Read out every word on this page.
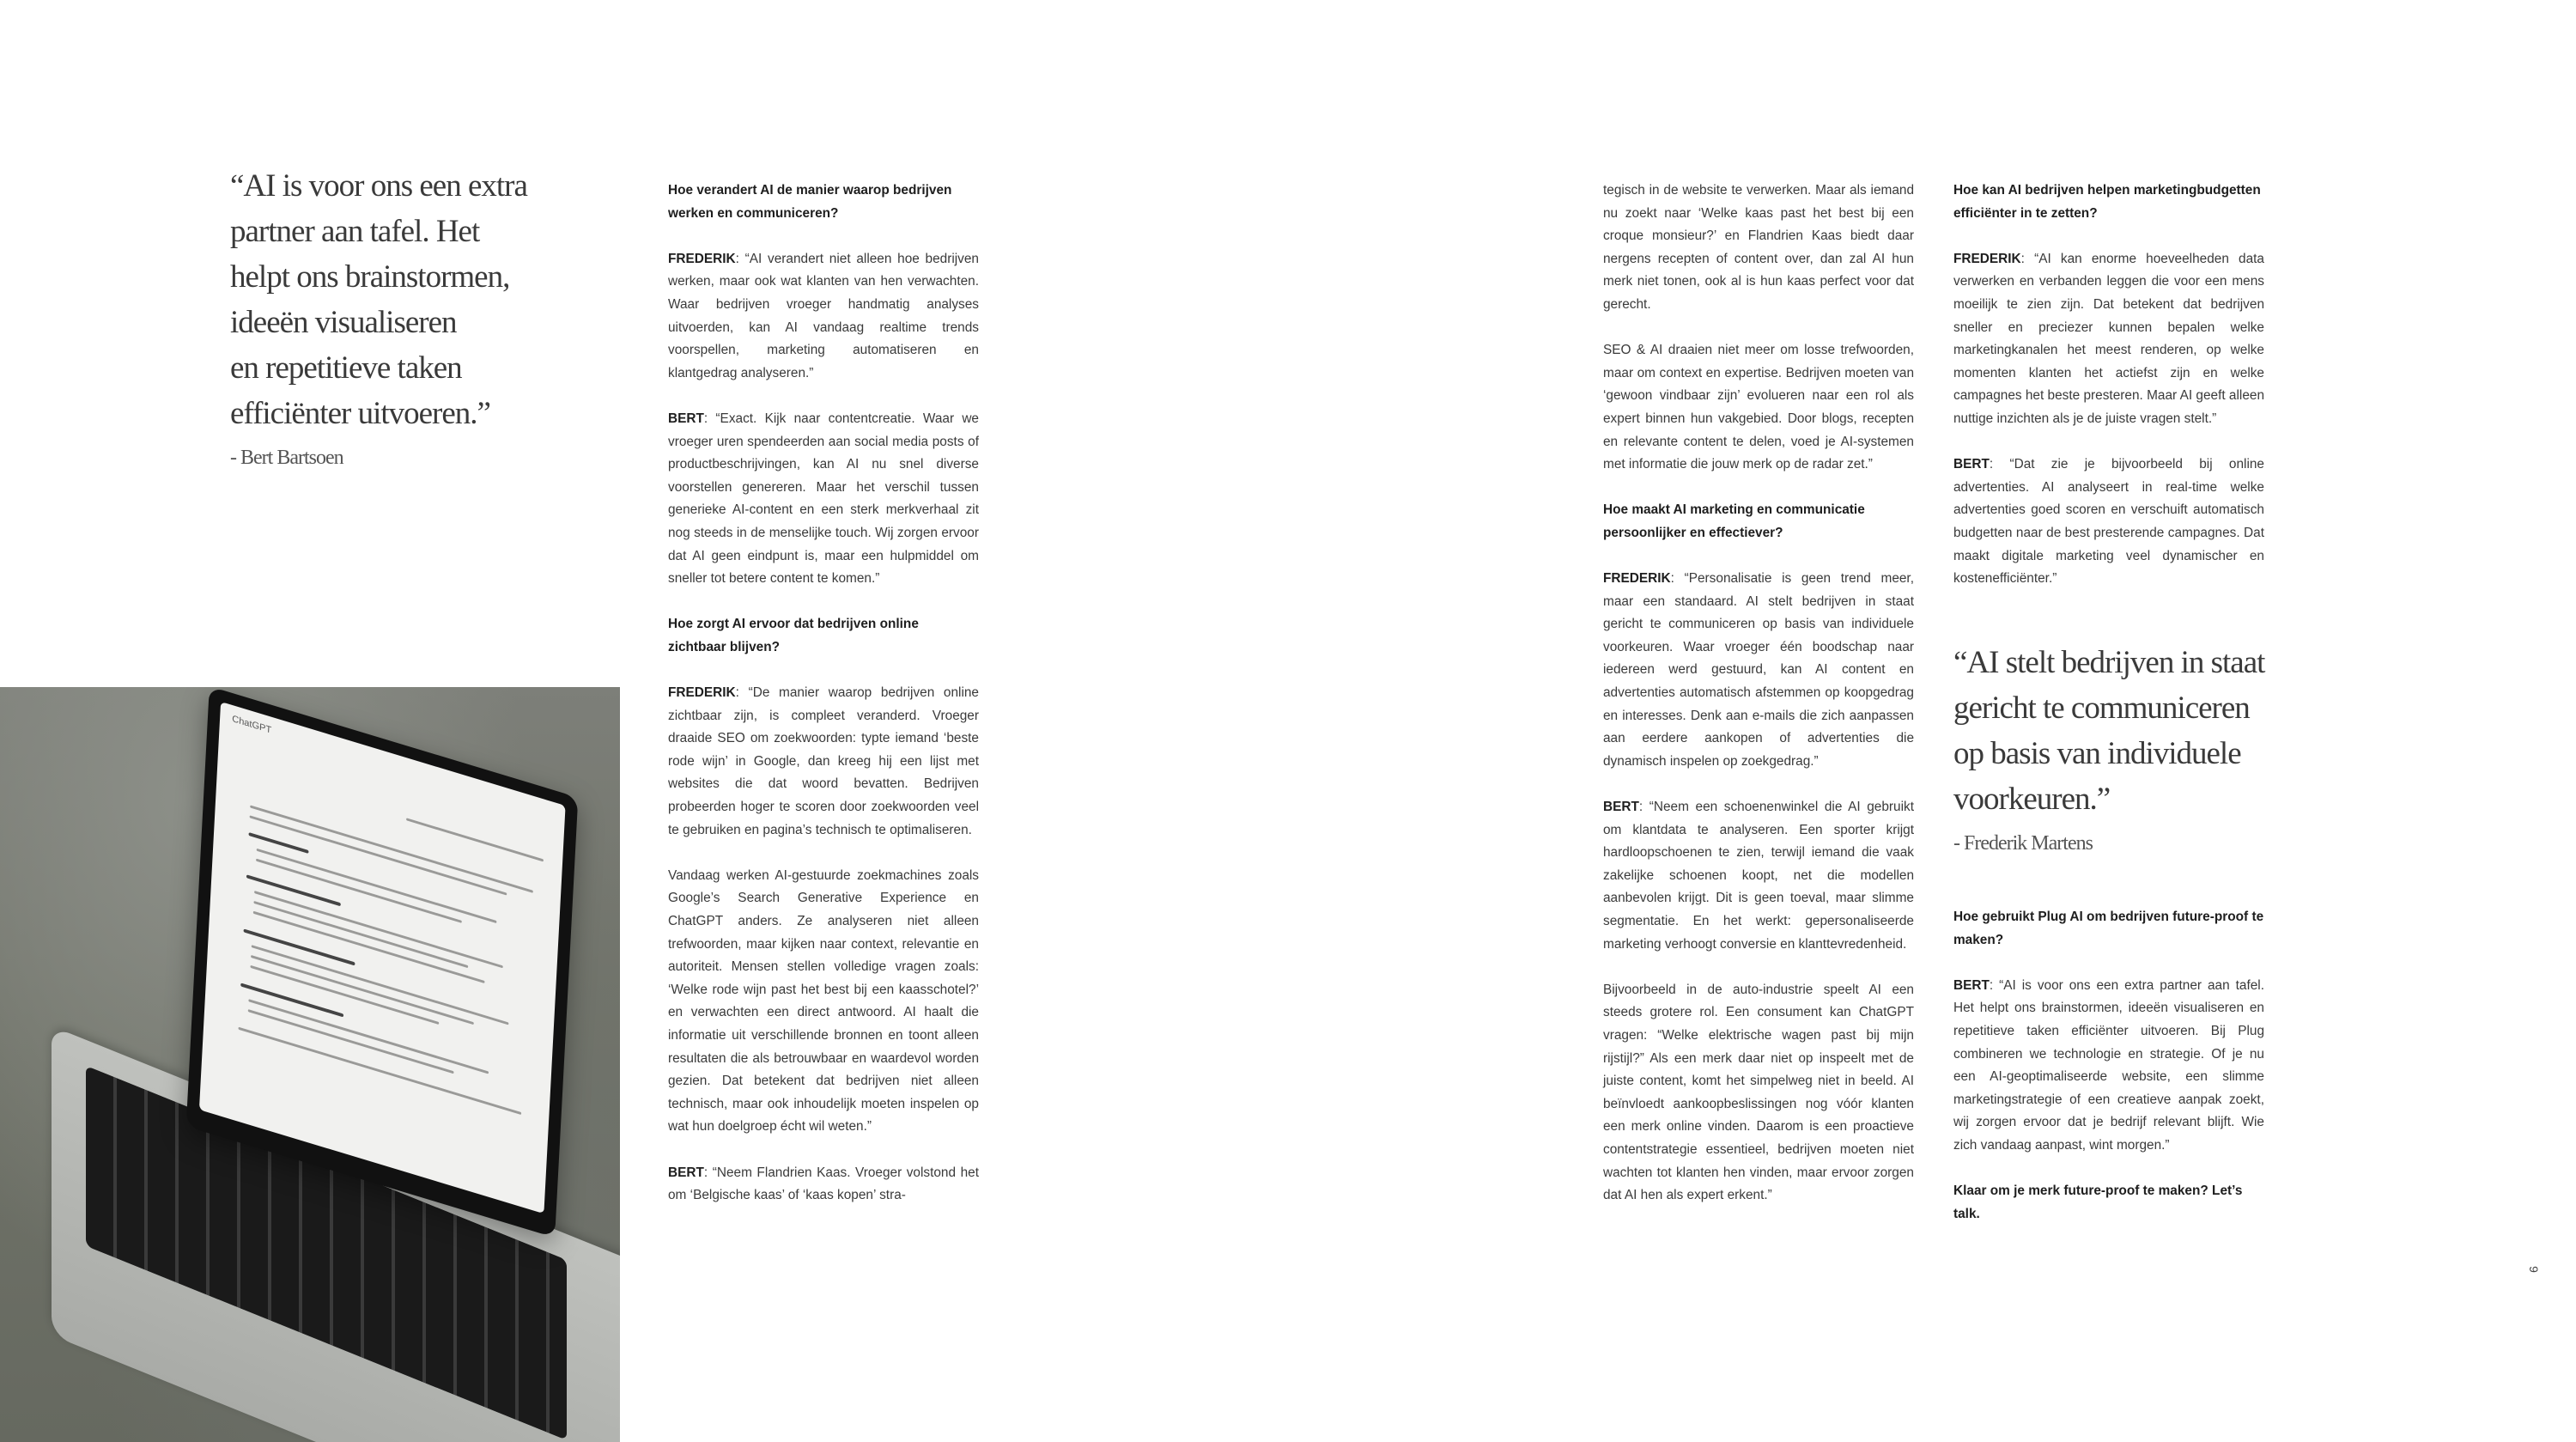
“AI is voor ons een extra
partner aan tafel. Het
helpt ons brainstormen,
ideeën visualiseren
en repetitieve taken
efficiënter uitvoeren.”
- Bert Bartsoen
ChatGPT

Hoe verandert AI de manier waarop bedrijven werken en communiceren?

FREDERIK: “AI verandert niet alleen hoe bedrijven werken, maar ook wat klanten van hen verwachten. Waar bedrijven vroeger handmatig analyses uitvoerden, kan AI vandaag realtime trends voorspellen, marketing automatiseren en klantgedrag analyseren.”

BERT: “Exact. Kijk naar contentcreatie. Waar we vroeger uren spendeerden aan social media posts of productbeschrijvingen, kan AI nu snel diverse voorstellen genereren. Maar het verschil tussen generieke AI-content en een sterk merkverhaal zit nog steeds in de menselijke touch. Wij zorgen ervoor dat AI geen eindpunt is, maar een hulpmiddel om sneller tot betere content te komen.”

Hoe zorgt AI ervoor dat bedrijven online zichtbaar blijven?

FREDERIK: “De manier waarop bedrijven online zichtbaar zijn, is compleet veranderd. Vroeger draaide SEO om zoekwoorden: typte iemand ‘beste rode wijn’ in Google, dan kreeg hij een lijst met websites die dat woord bevatten. Bedrijven probeerden hoger te scoren door zoekwoorden veel te gebruiken en pagina’s technisch te optimaliseren.

Vandaag werken AI-gestuurde zoekmachines zoals Google’s Search Generative Experience en ChatGPT anders. Ze analyseren niet alleen trefwoorden, maar kijken naar context, relevantie en autoriteit. Mensen stellen volledige vragen zoals: ‘Welke rode wijn past het best bij een kaasschotel?’ en verwachten een direct antwoord. AI haalt die informatie uit verschillende bronnen en toont alleen resultaten die als betrouwbaar en waardevol worden gezien. Dat betekent dat bedrijven niet alleen technisch, maar ook inhoudelijk moeten inspelen op wat hun doelgroep écht wil weten.”

BERT: “Neem Flandrien Kaas. Vroeger volstond het om ‘Belgische kaas’ of ‘kaas kopen’ stra-

tegisch in de website te verwerken. Maar als iemand nu zoekt naar ‘Welke kaas past het best bij een croque monsieur?’ en Flandrien Kaas biedt daar nergens recepten of content over, dan zal AI hun merk niet tonen, ook al is hun kaas perfect voor dat gerecht.

SEO & AI draaien niet meer om losse trefwoorden, maar om context en expertise. Bedrijven moeten van ‘gewoon vindbaar zijn’ evolueren naar een rol als expert binnen hun vakgebied. Door blogs, recepten en relevante content te delen, voed je AI-systemen met informatie die jouw merk op de radar zet.”

Hoe maakt AI marketing en communicatie persoonlijker en effectiever?

FREDERIK: “Personalisatie is geen trend meer, maar een standaard. AI stelt bedrijven in staat gericht te communiceren op basis van individuele voorkeuren. Waar vroeger één boodschap naar iedereen werd gestuurd, kan AI content en advertenties automatisch afstemmen op koopgedrag en interesses. Denk aan e-mails die zich aanpassen aan eerdere aankopen of advertenties die dynamisch inspelen op zoekgedrag.”

BERT: “Neem een schoenenwinkel die AI gebruikt om klantdata te analyseren. Een sporter krijgt hardloopschoenen te zien, terwijl iemand die vaak zakelijke schoenen koopt, net die modellen aanbevolen krijgt. Dit is geen toeval, maar slimme segmentatie. En het werkt: gepersonaliseerde marketing verhoogt conversie en klanttevredenheid.

Bijvoorbeeld in de auto-industrie speelt AI een steeds grotere rol. Een consument kan ChatGPT vragen: “Welke elektrische wagen past bij mijn rijstijl?” Als een merk daar niet op inspeelt met de juiste content, komt het simpelweg niet in beeld. AI beïnvloedt aankoopbeslissingen nog vóór klanten een merk online vinden. Daarom is een proactieve contentstrategie essentieel, bedrijven moeten niet wachten tot klanten hen vinden, maar ervoor zorgen dat AI hen als expert erkent.”

Hoe kan AI bedrijven helpen marketingbudgetten efficiënter in te zetten?

FREDERIK: “AI kan enorme hoeveelheden data verwerken en verbanden leggen die voor een mens moeilijk te zien zijn. Dat betekent dat bedrijven sneller en preciezer kunnen bepalen welke marketingkanalen het meest renderen, op welke momenten klanten het actiefst zijn en welke campagnes het beste presteren. Maar AI geeft alleen nuttige inzichten als je de juiste vragen stelt.”

BERT: “Dat zie je bijvoorbeeld bij online advertenties. AI analyseert in real-time welke advertenties goed scoren en verschuift automatisch budgetten naar de best presterende campagnes. Dat maakt digitale marketing veel dynamischer en kostenefficiënter.”

“AI stelt bedrijven in staat
gericht te communiceren
op basis van individuele
voorkeuren.”
- Frederik Martens

Hoe gebruikt Plug AI om bedrijven future-proof te maken?

BERT: “AI is voor ons een extra partner aan tafel. Het helpt ons brainstormen, ideeën visualiseren en repetitieve taken efficiënter uitvoeren. Bij Plug combineren we technologie en strategie. Of je nu een AI-geoptimaliseerde website, een slimme marketingstrategie of een creatieve aanpak zoekt, wij zorgen ervoor dat je bedrijf relevant blijft. Wie zich vandaag aanpast, wint morgen.”

Klaar om je merk future-proof te maken? Let’s talk.

9
